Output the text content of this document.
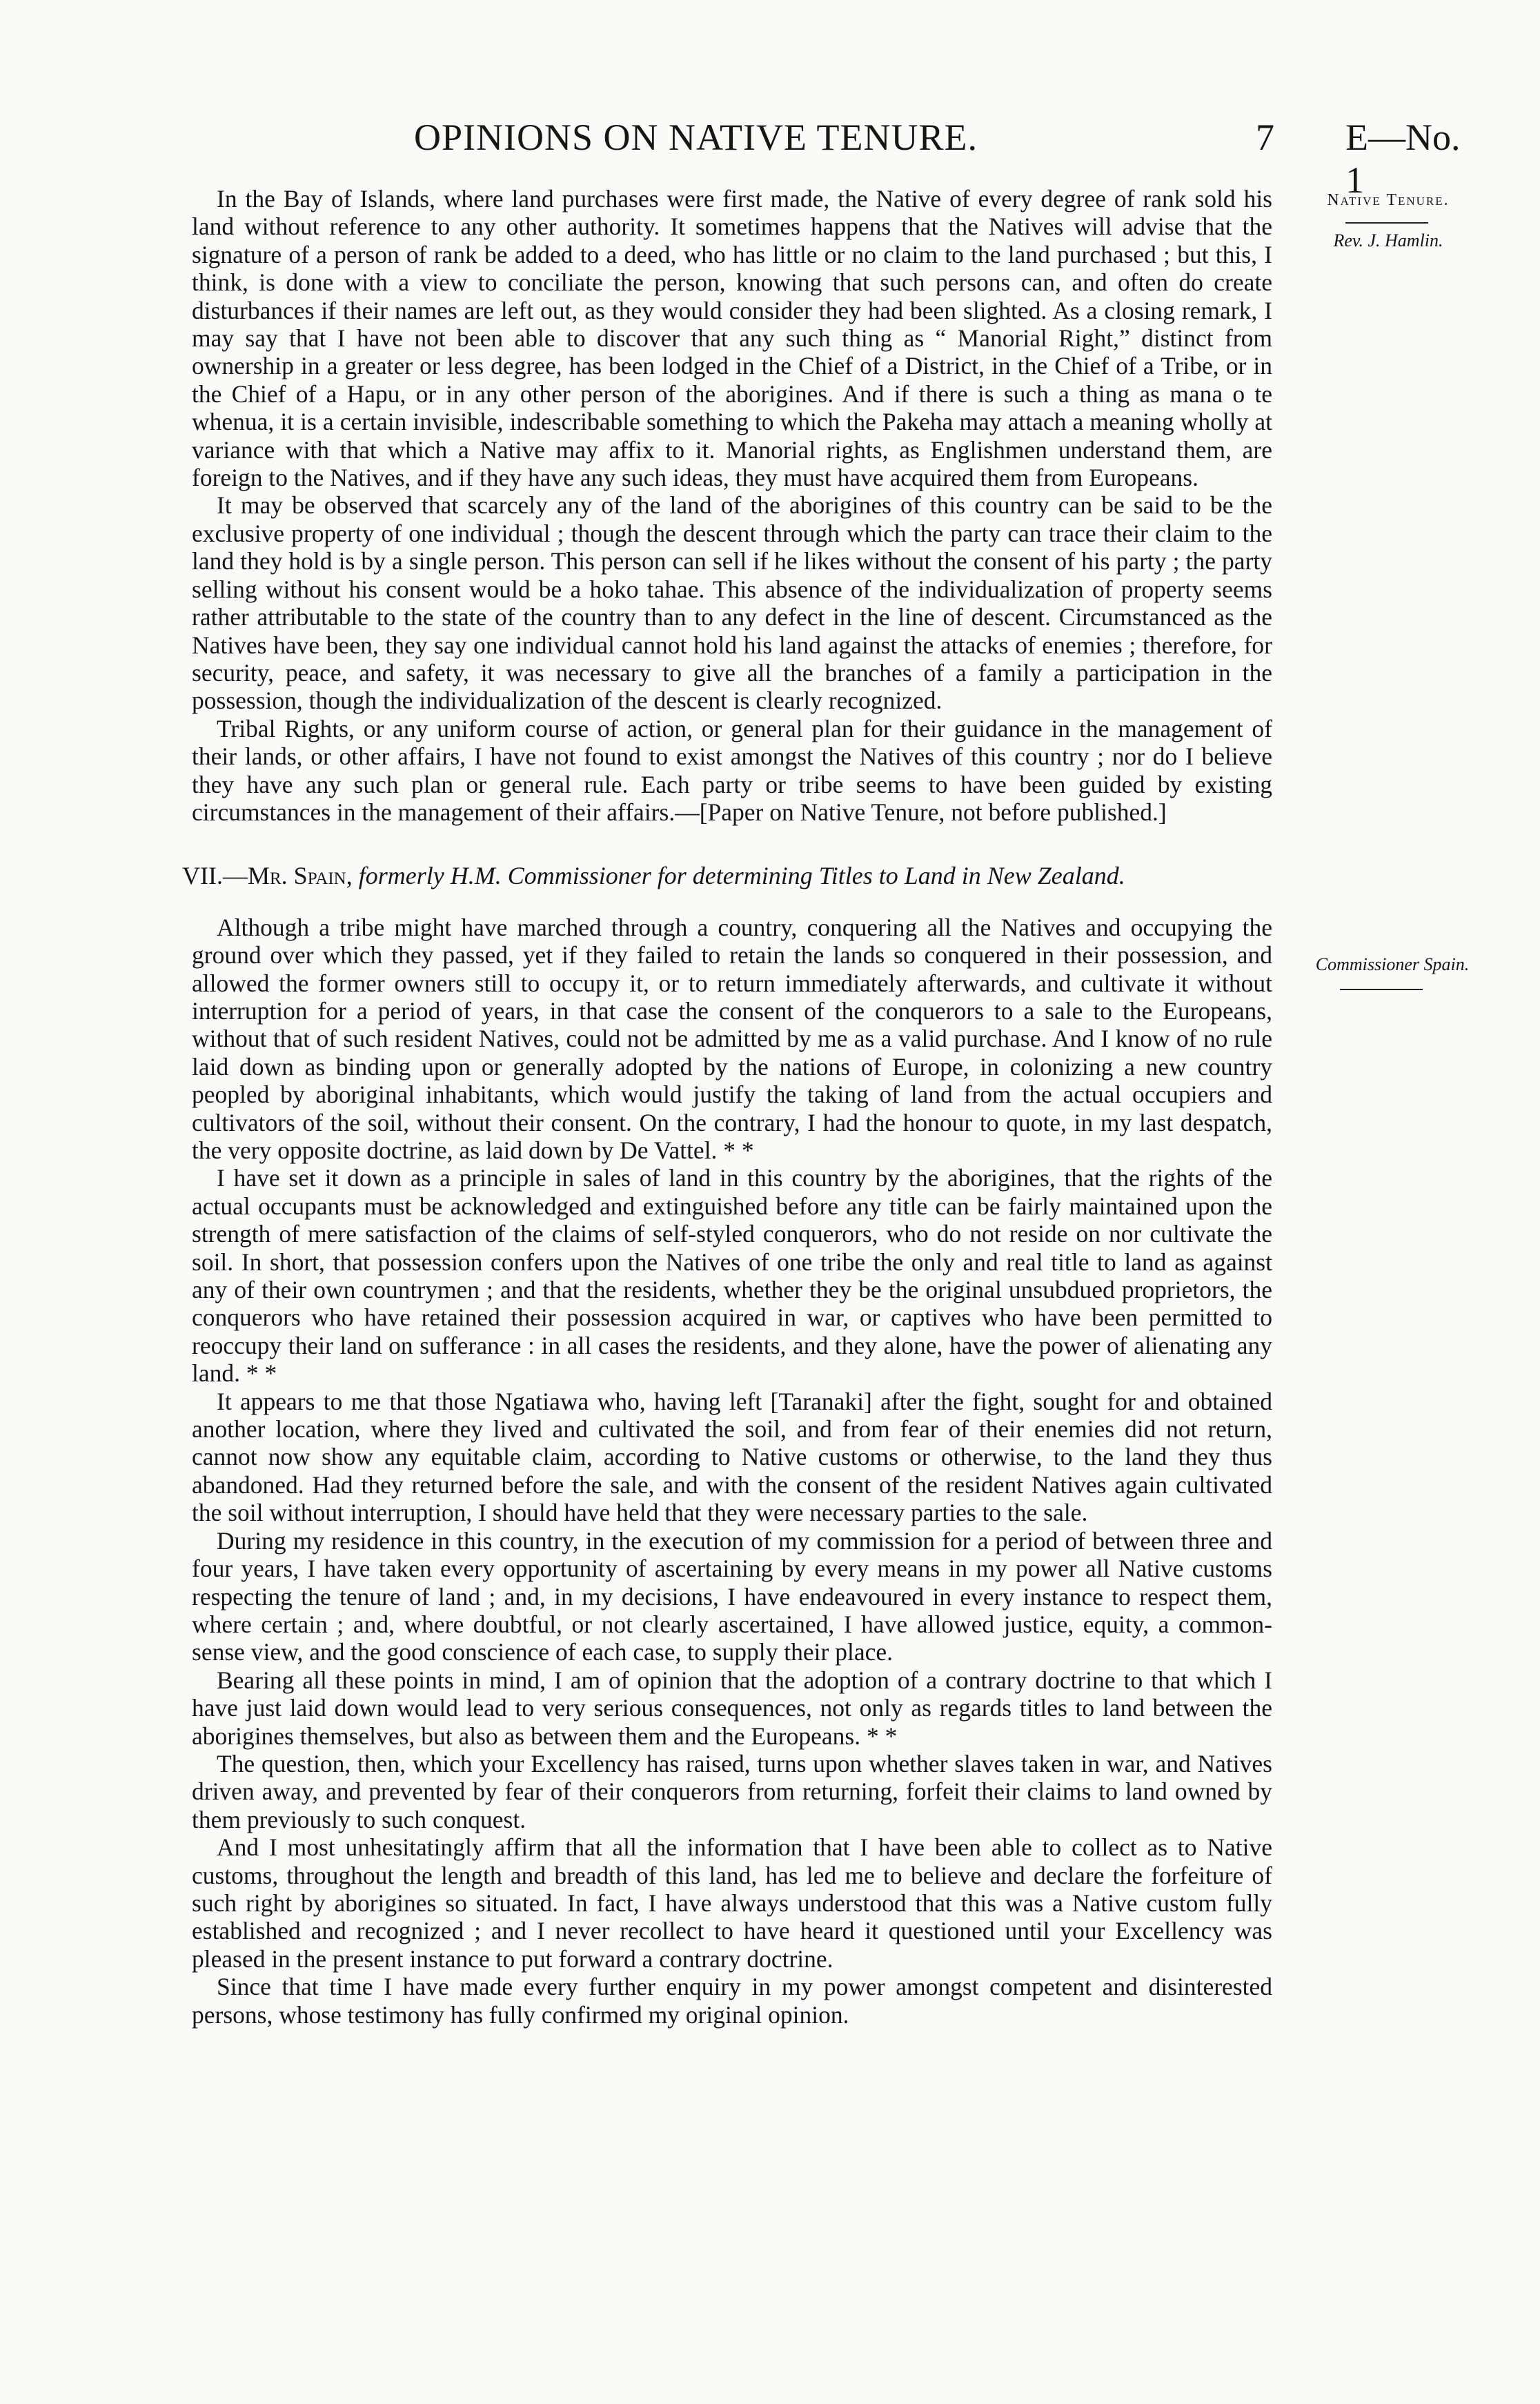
OPINIONS ON NATIVE TENURE.	7 E—No. 1
Native Tenure.
Rev. J. Hamlin.
Commissioner Spain.

In the Bay of Islands, where land purchases were first made, the Native of every degree of rank sold his land without reference to any other authority. It sometimes happens that the Natives will advise that the signature of a person of rank be added to a deed, who has little or no claim to the land purchased ; but this, I think, is done with a view to conciliate the person, knowing that such persons can, and often do create disturbances if their names are left out, as they would consider they had been slighted. As a closing remark, I may say that I have not been able to discover that any such thing as “ Manorial Right,” distinct from ownership in a greater or less degree, has been lodged in the Chief of a District, in the Chief of a Tribe, or in the Chief of a Hapu, or in any other person of the aborigines. And if there is such a thing as mana o te whenua, it is a certain invisible, indescribable something to which the Pakeha may attach a meaning wholly at variance with that which a Native may affix to it. Manorial rights, as Englishmen understand them, are foreign to the Natives, and if they have any such ideas, they must have acquired them from Europeans.

It may be observed that scarcely any of the land of the aborigines of this country can be said to be the exclusive property of one individual ; though the descent through which the party can trace their claim to the land they hold is by a single person. This person can sell if he likes without the consent of his party ; the party selling without his consent would be a hoko tahae. This absence of the individualization of property seems rather attributable to the state of the country than to any defect in the line of descent. Circumstanced as the Natives have been, they say one individual cannot hold his land against the attacks of enemies ; therefore, for security, peace, and safety, it was necessary to give all the branches of a family a participation in the possession, though the individualization of the descent is clearly recognized.

Tribal Rights, or any uniform course of action, or general plan for their guidance in the management of their lands, or other affairs, I have not found to exist amongst the Natives of this country ; nor do I believe they have any such plan or general rule. Each party or tribe seems to have been guided by existing circumstances in the management of their affairs.—[Paper on Native Tenure, not before published.]

VII.—Mr. Spain, formerly H.M. Commissioner for determining Titles to Land in New Zealand.

Although a tribe might have marched through a country, conquering all the Natives and occupying the ground over which they passed, yet if they failed to retain the lands so conquered in their possession, and allowed the former owners still to occupy it, or to return immediately afterwards, and cultivate it without interruption for a period of years, in that case the consent of the conquerors to a sale to the Europeans, without that of such resident Natives, could not be admitted by me as a valid purchase. And I know of no rule laid down as binding upon or generally adopted by the nations of Europe, in colonizing a new country peopled by aboriginal inhabitants, which would justify the taking of land from the actual occupiers and cultivators of the soil, without their consent. On the contrary, I had the honour to quote, in my last despatch, the very opposite doctrine, as laid down by De Vattel. * *

I have set it down as a principle in sales of land in this country by the aborigines, that the rights of the actual occupants must be acknowledged and extinguished before any title can be fairly maintained upon the strength of mere satisfaction of the claims of self-styled conquerors, who do not reside on nor cultivate the soil. In short, that possession confers upon the Natives of one tribe the only and real title to land as against any of their own countrymen ; and that the residents, whether they be the original unsubdued proprietors, the conquerors who have retained their possession acquired in war, or captives who have been permitted to reoccupy their land on sufferance : in all cases the residents, and they alone, have the power of alienating any land. * *

It appears to me that those Ngatiawa who, having left [Taranaki] after the fight, sought for and obtained another location, where they lived and cultivated the soil, and from fear of their enemies did not return, cannot now show any equitable claim, according to Native customs or otherwise, to the land they thus abandoned. Had they returned before the sale, and with the consent of the resident Natives again cultivated the soil without interruption, I should have held that they were necessary parties to the sale.

During my residence in this country, in the execution of my commission for a period of between three and four years, I have taken every opportunity of ascertaining by every means in my power all Native customs respecting the tenure of land ; and, in my decisions, I have endeavoured in every instance to respect them, where certain ; and, where doubtful, or not clearly ascertained, I have allowed justice, equity, a common-sense view, and the good conscience of each case, to supply their place.

Bearing all these points in mind, I am of opinion that the adoption of a contrary doctrine to that which I have just laid down would lead to very serious consequences, not only as regards titles to land between the aborigines themselves, but also as between them and the Europeans. * *

The question, then, which your Excellency has raised, turns upon whether slaves taken in war, and Natives driven away, and prevented by fear of their conquerors from returning, forfeit their claims to land owned by them previously to such conquest.

And I most unhesitatingly affirm that all the information that I have been able to collect as to Native customs, throughout the length and breadth of this land, has led me to believe and declare the forfeiture of such right by aborigines so situated. In fact, I have always understood that this was a Native custom fully established and recognized ; and I never recollect to have heard it questioned until your Excellency was pleased in the present instance to put forward a contrary doctrine.

Since that time I have made every further enquiry in my power amongst competent and disinterested persons, whose testimony has fully confirmed my original opinion.
